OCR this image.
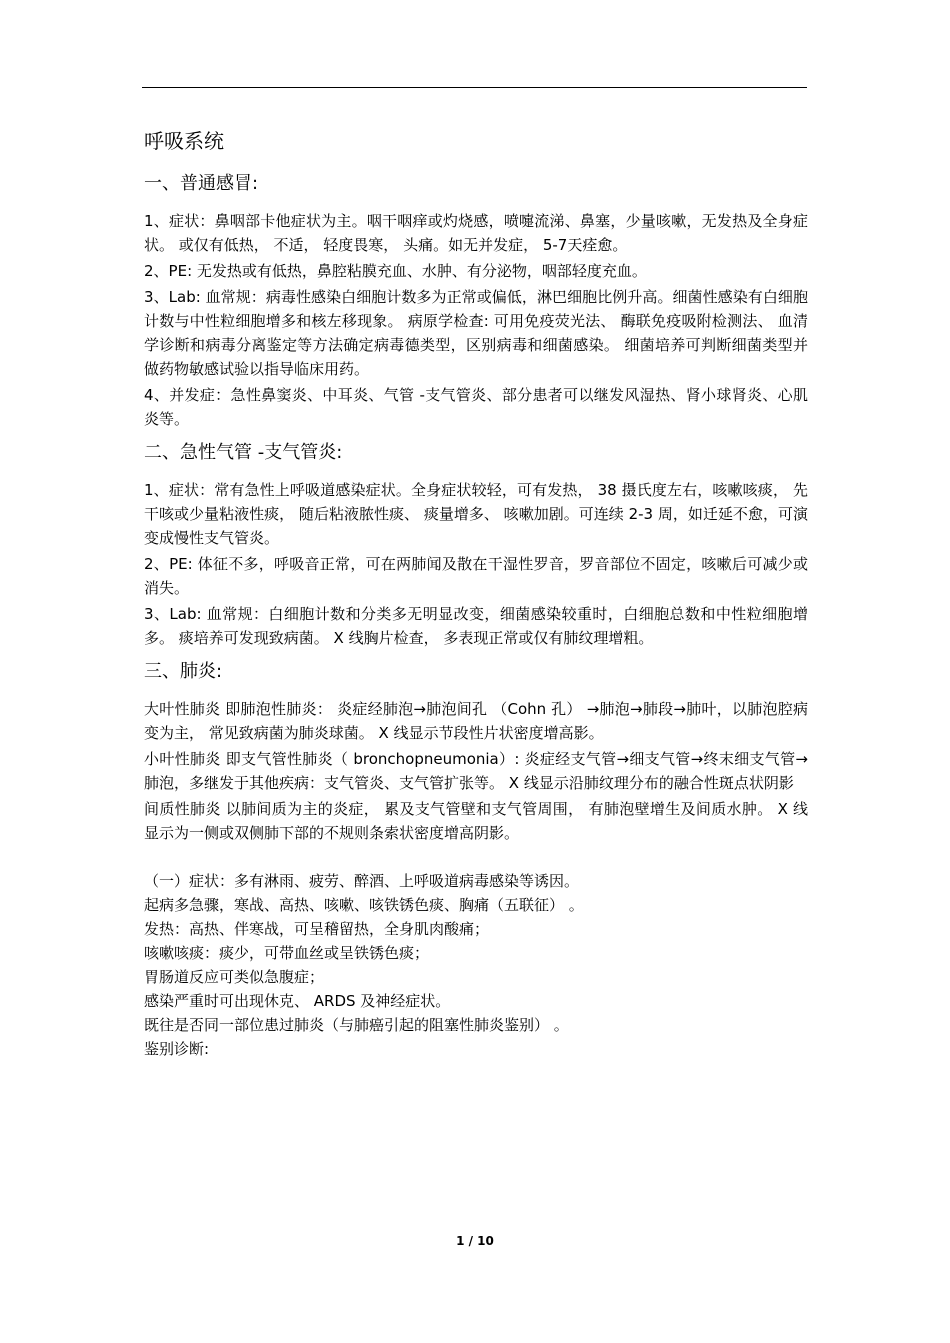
呼吸系统
一、普通感冒:
1、症状：鼻咽部卡他症状为主。咽干咽痒或灼烧感，喷嚏流涕、鼻塞，少量咳嗽，无发热及全身症状。 或仅有低热， 不适， 轻度畏寒， 头痛。如无并发症， 5-7天痊愈。
2、PE: 无发热或有低热，鼻腔粘膜充血、水肿、有分泌物，咽部轻度充血。
3、Lab: 血常规：病毒性感染白细胞计数多为正常或偏低，淋巴细胞比例升高。细菌性感染有白细胞计数与中性粒细胞增多和核左移现象。 病原学检查: 可用免疫荧光法、 酶联免疫吸附检测法、 血清学诊断和病毒分离鉴定等方法确定病毒德类型，区别病毒和细菌感染。 细菌培养可判断细菌类型并做药物敏感试验以指导临床用药。
4、并发症：急性鼻窦炎、中耳炎、气管 -支气管炎、部分患者可以继发风湿热、肾小球肾炎、心肌炎等。
二、急性气管 -支气管炎:
1、症状：常有急性上呼吸道感染症状。全身症状较轻，可有发热， 38 摄氏度左右，咳嗽咳痰， 先干咳或少量粘液性痰， 随后粘液脓性痰、 痰量增多、 咳嗽加剧。可连续 2-3 周，如迁延不愈，可演变成慢性支气管炎。
2、PE: 体征不多，呼吸音正常，可在两肺闻及散在干湿性罗音，罗音部位不固定，咳嗽后可减少或消失。
3、Lab: 血常规：白细胞计数和分类多无明显改变，细菌感染较重时，白细胞总数和中性粒细胞增多。 痰培养可发现致病菌。 X 线胸片检查， 多表现正常或仅有肺纹理增粗。
三、肺炎:
大叶性肺炎 即肺泡性肺炎： 炎症经肺泡→肺泡间孔 （Cohn 孔） →肺泡→肺段→肺叶，以肺泡腔病变为主， 常见致病菌为肺炎球菌。 X 线显示节段性片状密度增高影。
小叶性肺炎 即支气管性肺炎（ bronchopneumonia）: 炎症经支气管→细支气管→终末细支气管→肺泡，多继发于其他疾病：支气管炎、支气管扩张等。 X 线显示沿肺纹理分布的融合性斑点状阴影
间质性肺炎 以肺间质为主的炎症， 累及支气管壁和支气管周围， 有肺泡壁增生及间质水肿。 X 线显示为一侧或双侧肺下部的不规则条索状密度增高阴影。
（一）症状：多有淋雨、疲劳、醉酒、上呼吸道病毒感染等诱因。
起病多急骤，寒战、高热、咳嗽、咳铁锈色痰、胸痛（五联征） 。
发热：高热、伴寒战，可呈稽留热，全身肌肉酸痛；
咳嗽咳痰：痰少，可带血丝或呈铁锈色痰；
胃肠道反应可类似急腹症；
感染严重时可出现休克、 ARDS 及神经症状。
既往是否同一部位患过肺炎（与肺癌引起的阻塞性肺炎鉴别） 。
鉴别诊断:
1 / 10
